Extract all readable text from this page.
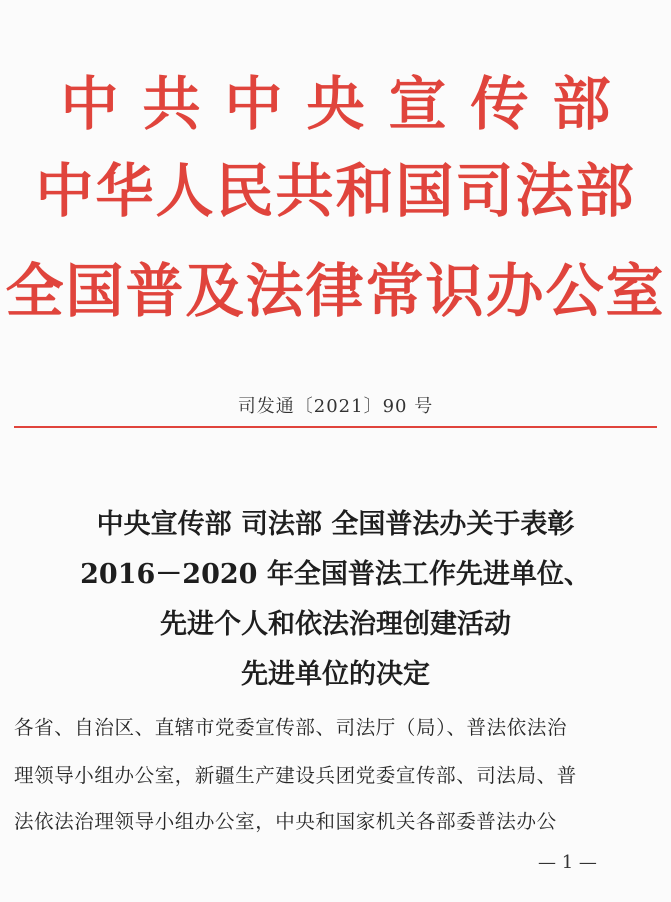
中共中央宣传部
中华人民共和国司法部
全国普及法律常识办公室
司发通〔2021〕90 号
中央宣传部 司法部 全国普法办关于表彰
2016－2020 年全国普法工作先进单位、
先进个人和依法治理创建活动
先进单位的决定
各省、自治区、直辖市党委宣传部、司法厅（局）、普法依法治
理领导小组办公室，新疆生产建设兵团党委宣传部、司法局、普
法依法治理领导小组办公室，中央和国家机关各部委普法办公
— 1 —
